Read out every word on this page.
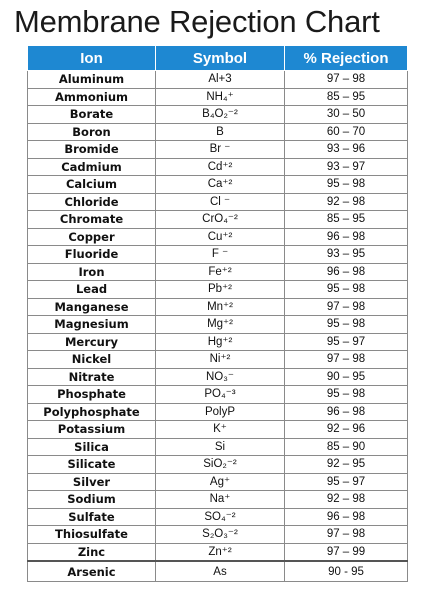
Membrane Rejection Chart
Ion	Symbol	% Rejection
Aluminum	Al+3	97 – 98
Ammonium	NH₄⁺	85 – 95
Borate	B₄O₂⁻²	30 – 50
Boron	B	60 – 70
Bromide	Br ⁻	93 – 96
Cadmium	Cd⁺²	93 – 97
Calcium	Ca⁺²	95 – 98
Chloride	Cl ⁻	92 – 98
Chromate	CrO₄⁻²	85 – 95
Copper	Cu⁺²	96 – 98
Fluoride	F ⁻	93 – 95
Iron	Fe⁺²	96 – 98
Lead	Pb⁺²	95 – 98
Manganese	Mn⁺²	97 – 98
Magnesium	Mg⁺²	95 – 98
Mercury	Hg⁺²	95 – 97
Nickel	Ni⁺²	97 – 98
Nitrate	NO₃⁻	90 – 95
Phosphate	PO₄⁻³	95 – 98
Polyphosphate	PolyP	96 – 98
Potassium	K⁺	92 – 96
Silica	Si	85 – 90
Silicate	SiO₂⁻²	92 – 95
Silver	Ag⁺	95 – 97
Sodium	Na⁺	92 – 98
Sulfate	SO₄⁻²	96 – 98
Thiosulfate	S₂O₃⁻²	97 – 98
Zinc	Zn⁺²	97 – 99
Arsenic	As	90 - 95
